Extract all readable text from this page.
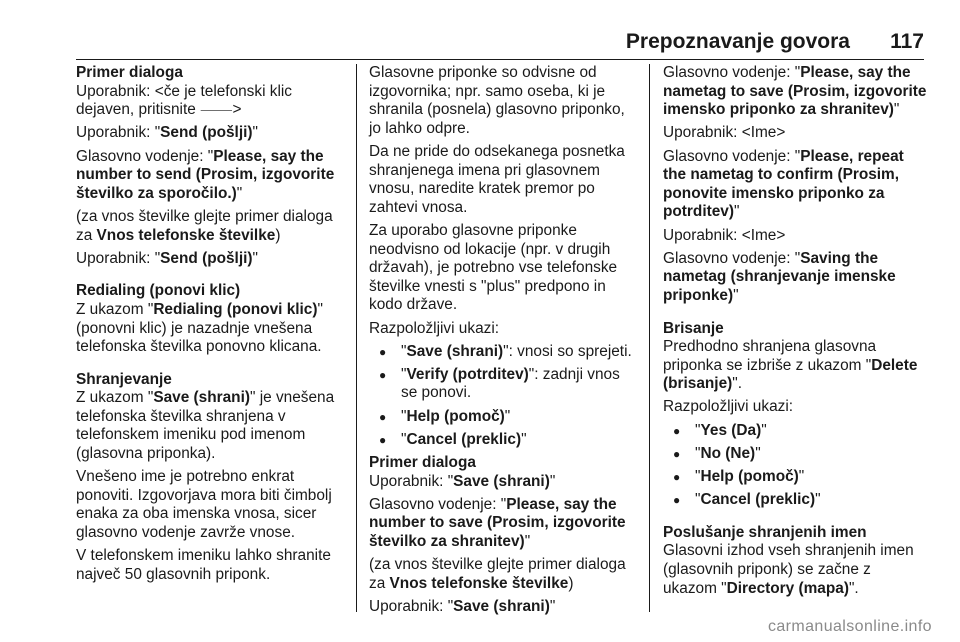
Prepoznavanje govora 117
Primer dialoga

Uporabnik: <če je telefonski klic dejaven, pritisnite ⸻>

Uporabnik: "Send (pošlji)"

Glasovno vodenje: "Please, say the number to send (Prosim, izgovorite številko za sporočilo.)"

(za vnos številke glejte primer dialoga za Vnos telefonske številke)

Uporabnik: "Send (pošlji)"

Redialing (ponovi klic)

Z ukazom "Redialing (ponovi klic)" (ponovni klic) je nazadnje vnešena telefonska številka ponovno klicana.

Shranjevanje

Z ukazom "Save (shrani)" je vnešena telefonska številka shranjena v telefonskem imeniku pod imenom (glasovna priponka).

Vnešeno ime je potrebno enkrat ponoviti. Izgovorjava mora biti čimbolj enaka za oba imenska vnosa, sicer glasovno vodenje zavrže vnose.

V telefonskem imeniku lahko shranite največ 50 glasovnih priponk.

Glasovne priponke so odvisne od izgovornika; npr. samo oseba, ki je shranila (posnela) glasovno priponko, jo lahko odpre.

Da ne pride do odsekanega posnetka shranjenega imena pri glasovnem vnosu, naredite kratek premor po zahtevi vnosa.

Za uporabo glasovne priponke neodvisno od lokacije (npr. v drugih državah), je potrebno vse telefonske številke vnesti s "plus" predpono in kodo države.

Razpoložljivi ukazi:

● "Save (shrani)": vnosi so sprejeti.
● "Verify (potrditev)": zadnji vnos se ponovi.
● "Help (pomoč)"
● "Cancel (preklic)"
Primer dialoga

Uporabnik: "Save (shrani)"

Glasovno vodenje: "Please, say the number to save (Prosim, izgovorite številko za shranitev)"

(za vnos številke glejte primer dialoga za Vnos telefonske številke)

Uporabnik: "Save (shrani)"

Glasovno vodenje: "Please, say the nametag to save (Prosim, izgovorite imensko priponko za shranitev)"

Uporabnik: <Ime>

Glasovno vodenje: "Please, repeat the nametag to confirm (Prosim, ponovite imensko priponko za potrditev)"

Uporabnik: <Ime>

Glasovno vodenje: "Saving the nametag (shranjevanje imenske priponke)"

Brisanje

Predhodno shranjena glasovna priponka se izbriše z ukazom "Delete (brisanje)".

Razpoložljivi ukazi:

● "Yes (Da)"
● "No (Ne)"
● "Help (pomoč)"
● "Cancel (preklic)"
Poslušanje shranjenih imen

Glasovni izhod vseh shranjenih imen (glasovnih priponk) se začne z ukazom "Directory (mapa)".

carmanualsonline.info
